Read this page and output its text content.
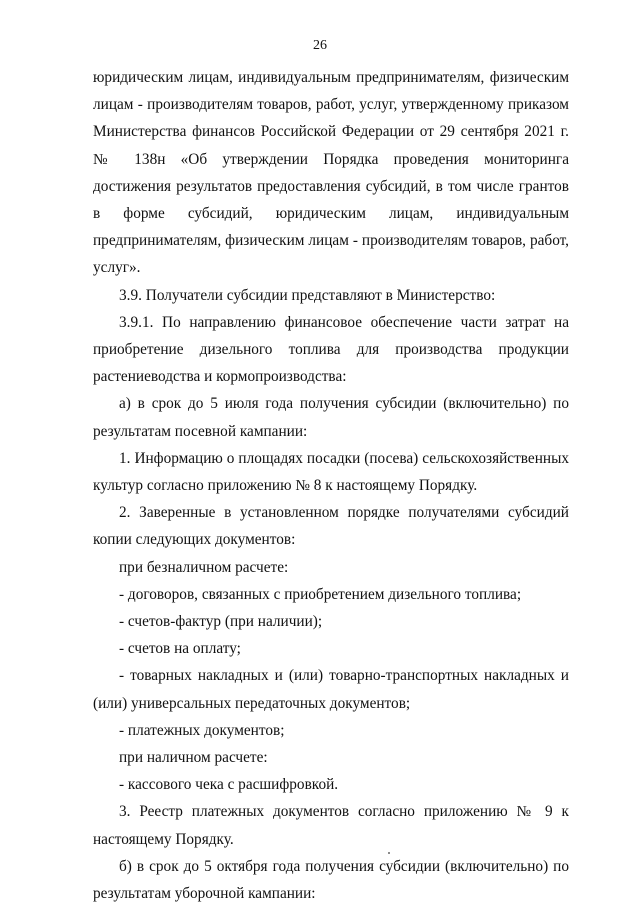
26

юридическим лицам, индивидуальным предпринимателям, физическим лицам - производителям товаров, работ, услуг, утвержденному приказом Министерства финансов Российской Федерации от 29 сентября 2021 г. № 138н «Об утверждении Порядка проведения мониторинга достижения результатов предоставления субсидий, в том числе грантов в форме субсидий, юридическим лицам, индивидуальным предпринимателям, физическим лицам - производителям товаров, работ, услуг».

3.9. Получатели субсидии представляют в Министерство:

3.9.1. По направлению финансовое обеспечение части затрат на приобретение дизельного топлива для производства продукции растениеводства и кормопроизводства:

а) в срок до 5 июля года получения субсидии (включительно) по результатам посевной кампании:

1. Информацию о площадях посадки (посева) сельскохозяйственных культур согласно приложению № 8 к настоящему Порядку.

2. Заверенные в установленном порядке получателями субсидий копии следующих документов:

при безналичном расчете:

- договоров, связанных с приобретением дизельного топлива;

- счетов-фактур (при наличии);

- счетов на оплату;

- товарных накладных и (или) товарно-транспортных накладных и (или) универсальных передаточных документов;

- платежных документов;

при наличном расчете:

- кассового чека с расшифровкой.

3. Реестр платежных документов согласно приложению № 9 к настоящему Порядку.

б) в срок до 5 октября года получения субсидии (включительно) по результатам уборочной кампании:
